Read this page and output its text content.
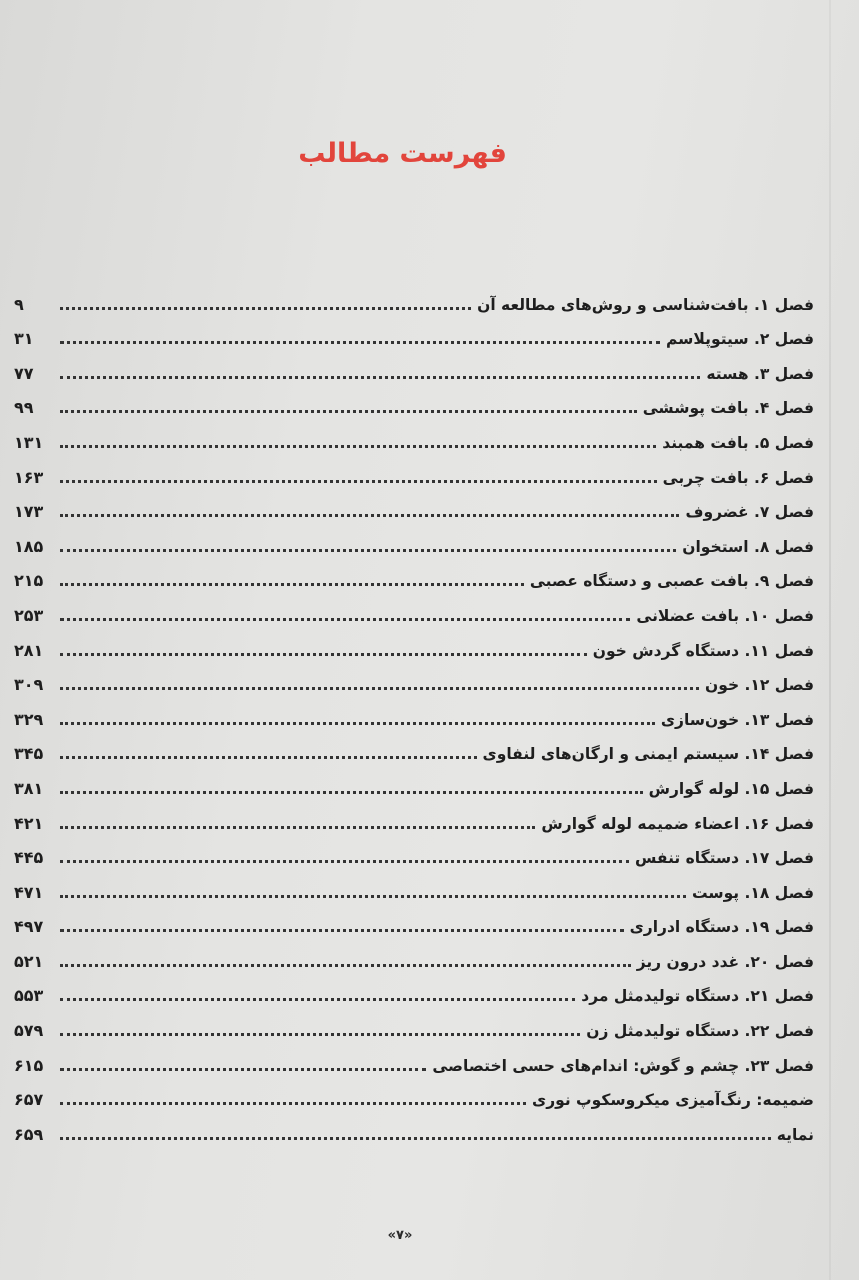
فهرست مطالب
فصل ۱. بافت‌شناسی و روش‌های مطالعه آن
۹
فصل ۲. سیتوپلاسم
۳۱
فصل ۳. هسته
۷۷
فصل ۴. بافت پوششی
۹۹
فصل ۵. بافت همبند
۱۳۱
فصل ۶. بافت چربی
۱۶۳
فصل ۷. غضروف
۱۷۳
فصل ۸. استخوان
۱۸۵
فصل ۹. بافت عصبی و دستگاه عصبی
۲۱۵
فصل ۱۰. بافت عضلانی
۲۵۳
فصل ۱۱. دستگاه گردش خون
۲۸۱
فصل ۱۲. خون
۳۰۹
فصل ۱۳. خون‌سازی
۳۲۹
فصل ۱۴. سیستم ایمنی و ارگان‌های لنفاوی
۳۴۵
فصل ۱۵. لوله گوارش
۳۸۱
فصل ۱۶. اعضاء ضمیمه لوله گوارش
۴۲۱
فصل ۱۷. دستگاه تنفس
۴۴۵
فصل ۱۸. پوست
۴۷۱
فصل ۱۹. دستگاه ادراری
۴۹۷
فصل ۲۰. غدد درون ریز
۵۲۱
فصل ۲۱. دستگاه تولیدمثل مرد
۵۵۳
فصل ۲۲. دستگاه تولیدمثل زن
۵۷۹
فصل ۲۳. چشم و گوش: اندام‌های حسی اختصاصی
۶۱۵
ضمیمه: رنگ‌آمیزی میکروسکوپ نوری
۶۵۷
نمایه
۶۵۹
«۷»
